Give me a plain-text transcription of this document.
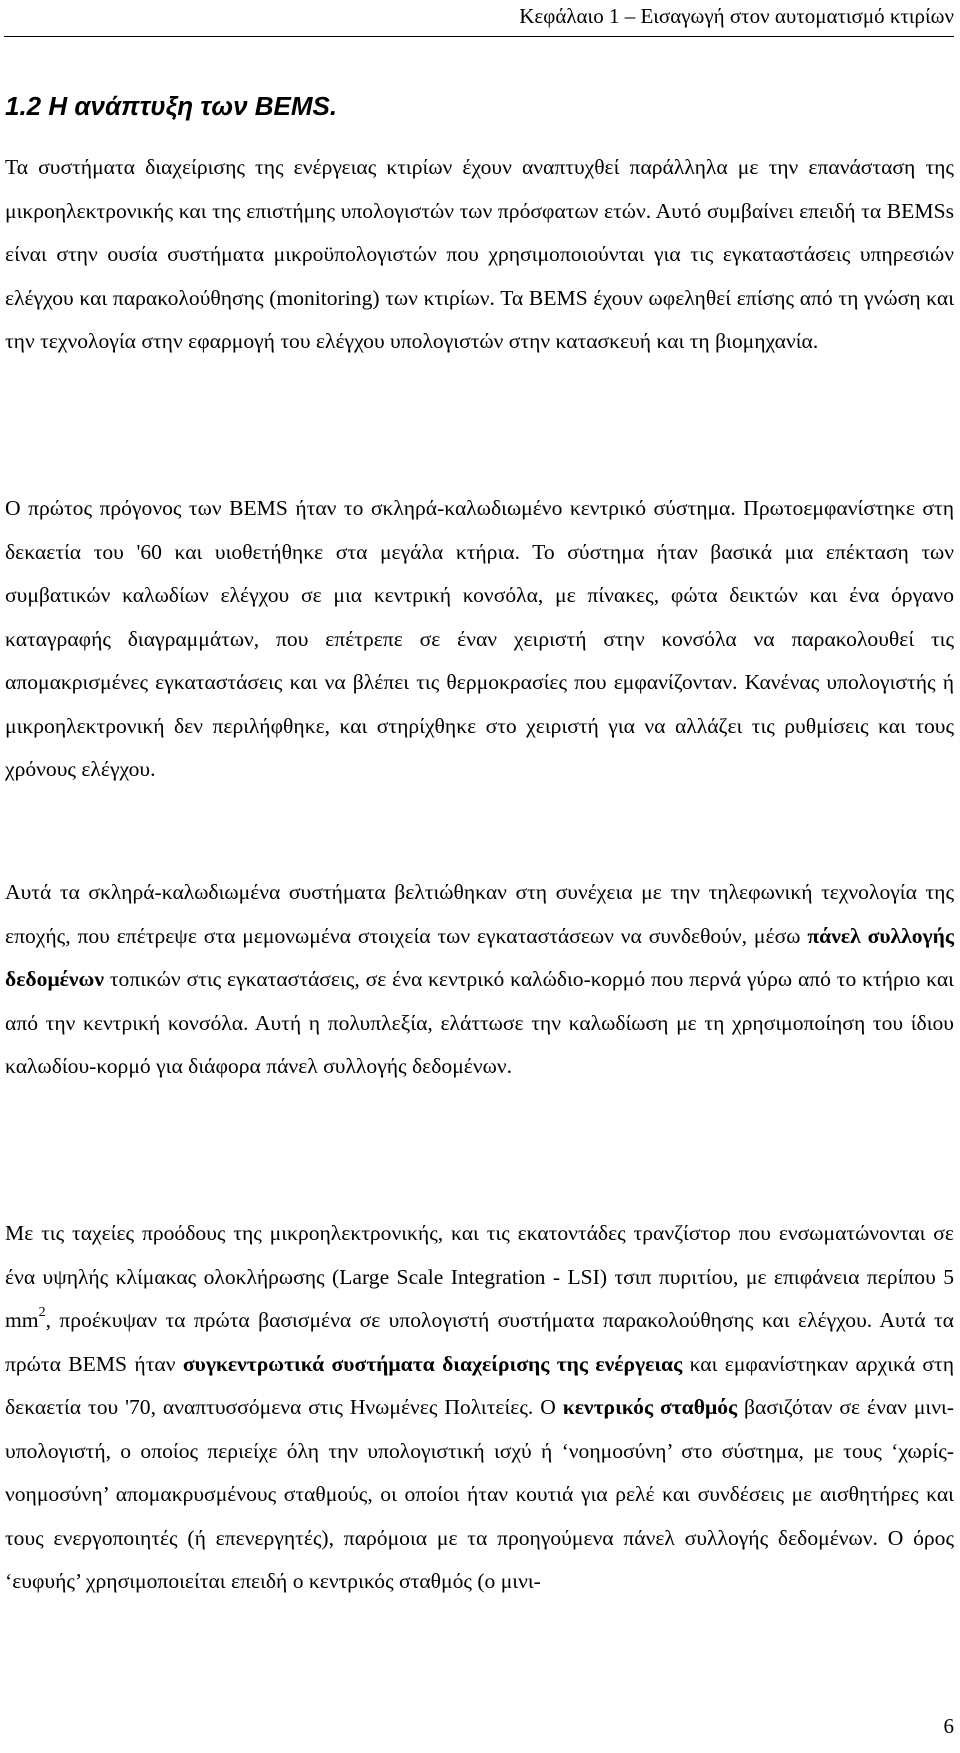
Κεφάλαιο 1 – Εισαγωγή στον αυτοματισμό κτιρίων
1.2 Η ανάπτυξη των BEMS.

Τα συστήματα διαχείρισης της ενέργειας κτιρίων έχουν αναπτυχθεί παράλληλα με την επανάσταση της μικροηλεκτρονικής και της επιστήμης υπολογιστών των πρόσφατων ετών. Αυτό συμβαίνει επειδή τα BEMSs είναι στην ουσία συστήματα μικροϋπολογιστών που χρησιμοποιούνται για τις εγκαταστάσεις υπηρεσιών ελέγχου και παρακολούθησης (monitoring) των κτιρίων. Τα BEMS έχουν ωφεληθεί επίσης από τη γνώση και την τεχνολογία στην εφαρμογή του ελέγχου υπολογιστών στην κατασκευή και τη βιομηχανία.

Ο πρώτος πρόγονος των BEMS ήταν το σκληρά-καλωδιωμένο κεντρικό σύστημα. Πρωτοεμφανίστηκε στη δεκαετία του '60 και υιοθετήθηκε στα μεγάλα κτήρια. Το σύστημα ήταν βασικά μια επέκταση των συμβατικών καλωδίων ελέγχου σε μια κεντρική κονσόλα, με πίνακες, φώτα δεικτών και ένα όργανο καταγραφής διαγραμμάτων, που επέτρεπε σε έναν χειριστή στην κονσόλα να παρακολουθεί τις απομακρισμένες εγκαταστάσεις και να βλέπει τις θερμοκρασίες που εμφανίζονταν. Κανένας υπολογιστής ή μικροηλεκτρονική δεν περιλήφθηκε, και στηρίχθηκε στο χειριστή για να αλλάζει τις ρυθμίσεις και τους χρόνους ελέγχου.

Αυτά τα σκληρά-καλωδιωμένα συστήματα βελτιώθηκαν στη συνέχεια με την τηλεφωνική τεχνολογία της εποχής, που επέτρεψε στα μεμονωμένα στοιχεία των εγκαταστάσεων να συνδεθούν, μέσω πάνελ συλλογής δεδομένων τοπικών στις εγκαταστάσεις, σε ένα κεντρικό καλώδιο-κορμό που περνά γύρω από το κτήριο και από την κεντρική κονσόλα. Αυτή η πολυπλεξία, ελάττωσε την καλωδίωση με τη χρησιμοποίηση του ίδιου καλωδίου-κορμό για διάφορα πάνελ συλλογής δεδομένων.

Με τις ταχείες προόδους της μικροηλεκτρονικής, και τις εκατοντάδες τρανζίστορ που ενσωματώνονται σε ένα υψηλής κλίμακας ολοκλήρωσης (Large Scale Integration - LSI) τσιπ πυριτίου, με επιφάνεια περίπου 5 $mm^2$, προέκυψαν τα πρώτα βασισμένα σε υπολογιστή συστήματα παρακολούθησης και ελέγχου. Αυτά τα πρώτα BEMS ήταν συγκεντρωτικά συστήματα διαχείρισης της ενέργειας και εμφανίστηκαν αρχικά στη δεκαετία του '70, αναπτυσσόμενα στις Ηνωμένες Πολιτείες. Ο κεντρικός σταθμός βασιζόταν σε έναν μινι-υπολογιστή, ο οποίος περιείχε όλη την υπολογιστική ισχύ ή ‘νοημοσύνη’ στο σύστημα, με τους ‘χωρίς-νοημοσύνη’ απομακρυσμένους σταθμούς, οι οποίοι ήταν κουτιά για ρελέ και συνδέσεις με αισθητήρες και τους ενεργοποιητές (ή επενεργητές), παρόμοια με τα προηγούμενα πάνελ συλλογής δεδομένων. Ο όρος ‘ευφυής’ χρησιμοποιείται επειδή ο κεντρικός σταθμός (ο μινι-

6
